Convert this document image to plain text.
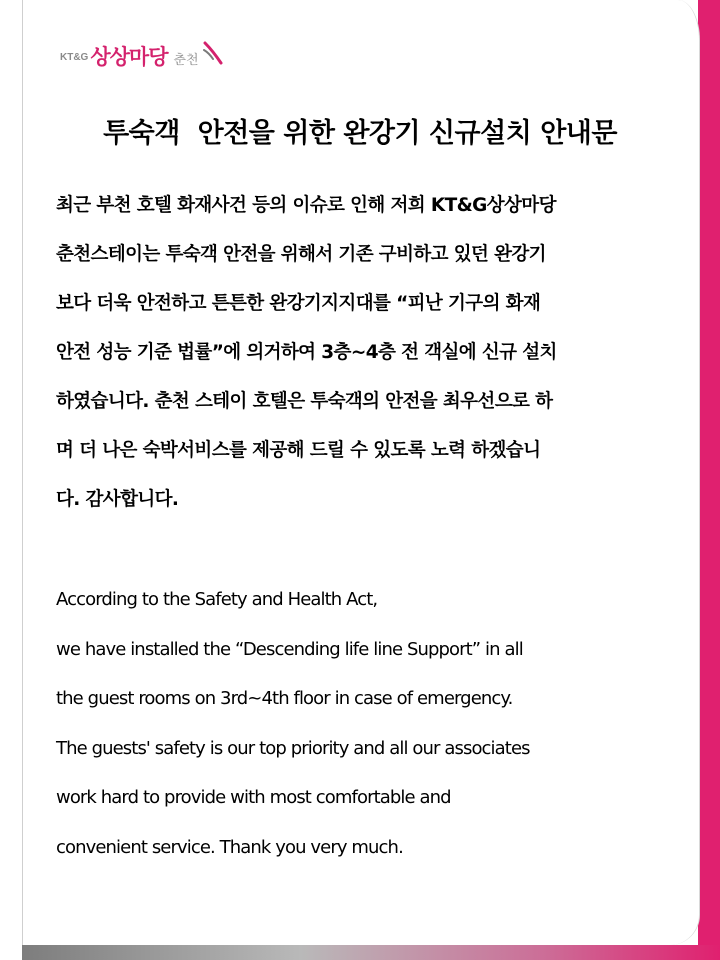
KT&G 상상마당 춘천
투숙객  안전을 위한 완강기 신규설치 안내문
최근 부천 호텔 화재사건 등의 이슈로 인해 저희 KT&G상상마당
춘천스테이는 투숙객 안전을 위해서 기존 구비하고 있던 완강기
보다 더욱 안전하고 튼튼한 완강기지지대를 “피난 기구의 화재
안전 성능 기준 법률”에 의거하여 3층~4층 전 객실에 신규 설치
하였습니다. 춘천 스테이 호텔은 투숙객의 안전을 최우선으로 하
며 더 나은 숙박서비스를 제공해 드릴 수 있도록 노력 하겠습니
다. 감사합니다.
According to the Safety and Health Act,
we have installed the “Descending life line Support” in all
the guest rooms on 3rd~4th floor in case of emergency.
The guests' safety is our top priority and all our associates
work hard to provide with most comfortable and
convenient service. Thank you very much.
